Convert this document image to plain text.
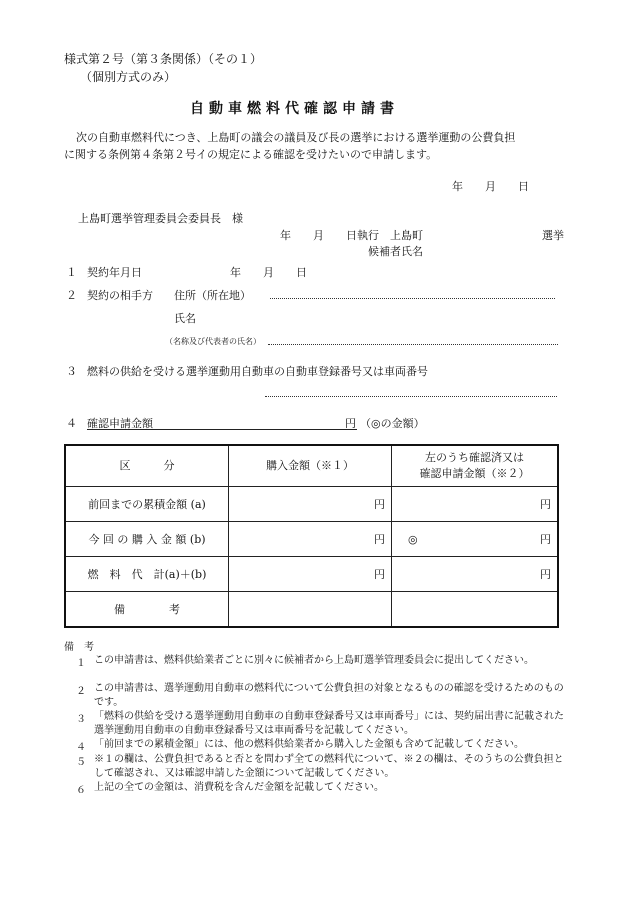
様式第２号（第３条関係）（その１）
（個別方式のみ）
自動車燃料代確認申請書
次の自動車燃料代につき、上島町の議会の議員及び長の選挙における選挙運動の公費負担
に関する条例第４条第２号イの規定による確認を受けたいので申請します。
年　　月　　日
上島町選挙管理委員会委員長　様
年　　月　　日執行　上島町	選挙
候補者氏名
１ 契約年月日	年　　月　　日
２ 契約の相手方 住所（所在地）
氏名
（名称及び代表者の氏名）
３ 燃料の供給を受ける選挙運動用自動車の自動車登録番号又は車両番号
４ 確認申請金額	円 （◎の金額）
区　　　分	購入金額（※１）	左のうち確認済又は
確認申請金額（※２）

前回までの累積金額 (a)	円	円

今 回 の 購 入 金 額 (b)	円	◎ 円

燃　料　代　計(a)＋(b)	円	円

備　　　　考		
備　考
１ この申請書は、燃料供給業者ごとに別々に候補者から上島町選挙管理委員会に提出してください。
２ この申請書は、選挙運動用自動車の燃料代について公費負担の対象となるものの確認を受けるためのものです。
３ 「燃料の供給を受ける選挙運動用自動車の自動車登録番号又は車両番号」には、契約届出書に記載された選挙運動用自動車の自動車登録番号又は車両番号を記載してください。
４ 「前回までの累積金額」には、他の燃料供給業者から購入した金額も含めて記載してください。
５ ※１の欄は、公費負担であると否とを問わず全ての燃料代について、※２の欄は、そのうちの公費負担として確認され、又は確認申請した金額について記載してください。
６ 上記の全ての金額は、消費税を含んだ金額を記載してください。
